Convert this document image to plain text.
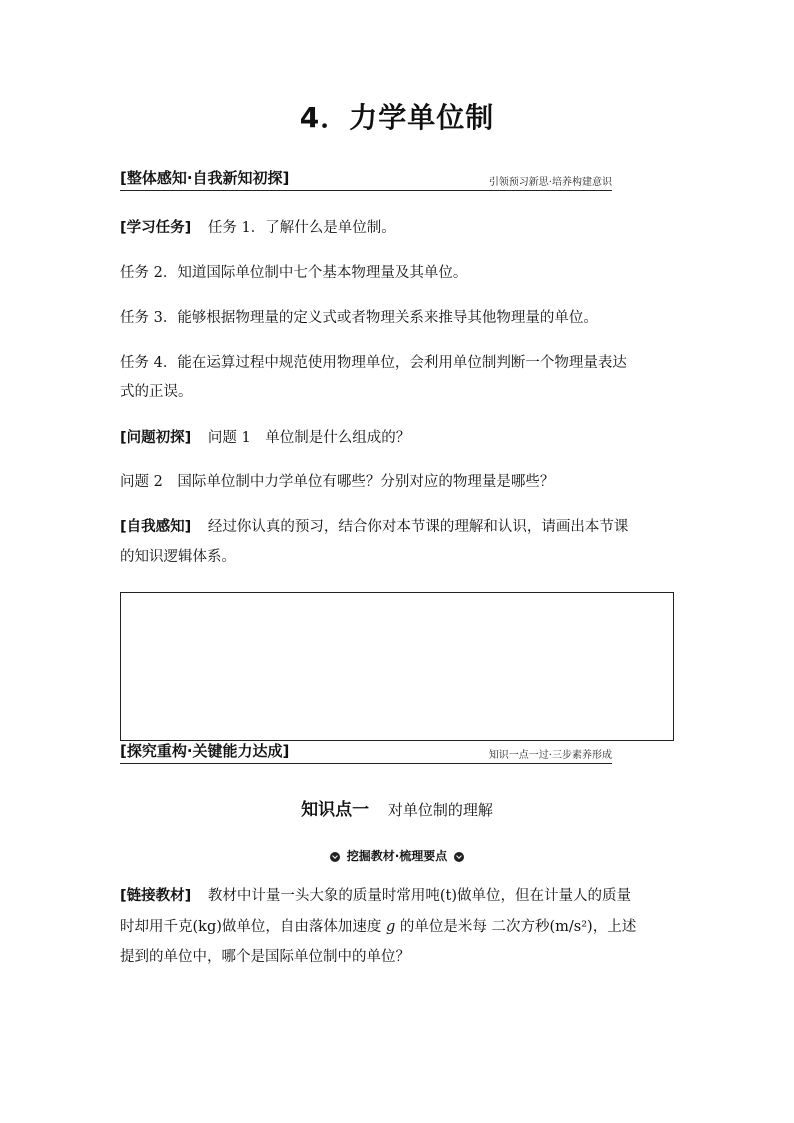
4．力学单位制
[整体感知·自我新知初探]	引领预习新思·培养构建意识
[学习任务] 任务 1．了解什么是单位制。
任务 2．知道国际单位制中七个基本物理量及其单位。
任务 3．能够根据物理量的定义式或者物理关系来推导其他物理量的单位。
任务 4．能在运算过程中规范使用物理单位，会利用单位制判断一个物理量表达
式的正误。
[问题初探] 问题 1　单位制是什么组成的？
问题 2　国际单位制中力学单位有哪些？分别对应的物理量是哪些？
[自我感知] 经过你认真的预习，结合你对本节课的理解和认识，请画出本节课
的知识逻辑体系。
[探究重构·关键能力达成]	知识一点一过·三步素养形成
知识点一 对单位制的理解
挖掘教材·梳理要点
[链接教材] 教材中计量一头大象的质量时常用吨(t)做单位，但在计量人的质量
时却用千克(kg)做单位，自由落体加速度 g 的单位是米每 二次方秒(m/s²)，上述
提到的单位中，哪个是国际单位制中的单位？
